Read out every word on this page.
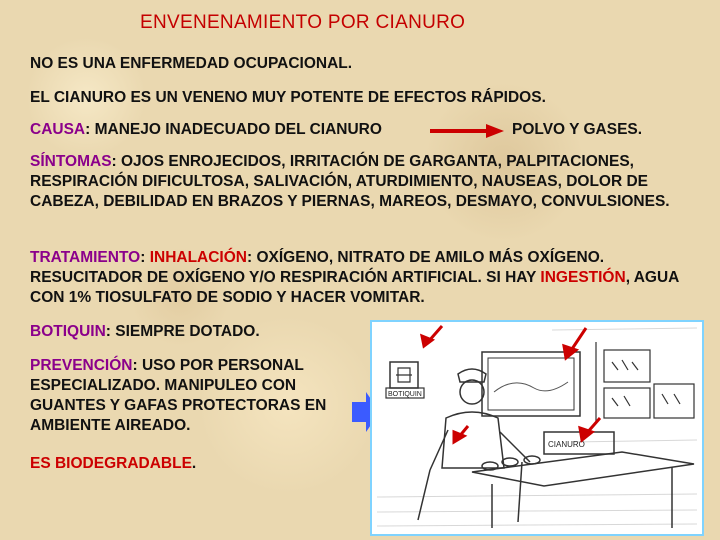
ENVENENAMIENTO POR CIANURO

NO ES UNA ENFERMEDAD OCUPACIONAL.

EL CIANURO ES UN VENENO MUY POTENTE DE EFECTOS RÁPIDOS.

CAUSA: MANEJO INADECUADO DEL CIANURO	POLVO Y GASES.

SÍNTOMAS: OJOS ENROJECIDOS, IRRITACIÓN DE GARGANTA, PALPITACIONES, RESPIRACIÓN DIFICULTOSA, SALIVACIÓN, ATURDIMIENTO, NAUSEAS, DOLOR DE CABEZA, DEBILIDAD EN BRAZOS Y PIERNAS, MAREOS, DESMAYO, CONVULSIONES.

TRATAMIENTO: INHALACIÓN: OXÍGENO, NITRATO DE AMILO MÁS OXÍGENO. RESUCITADOR DE OXÍGENO Y/O RESPIRACIÓN ARTIFICIAL. SI HAY INGESTIÓN, AGUA CON 1% TIOSULFATO DE SODIO Y HACER VOMITAR.

BOTIQUIN: SIEMPRE DOTADO.

PREVENCIÓN: USO POR PERSONAL ESPECIALIZADO. MANIPULEO CON GUANTES Y GAFAS PROTECTORAS EN AMBIENTE AIREADO.

ES BIODEGRADABLE.

BOTIQUIN
CIANURO
